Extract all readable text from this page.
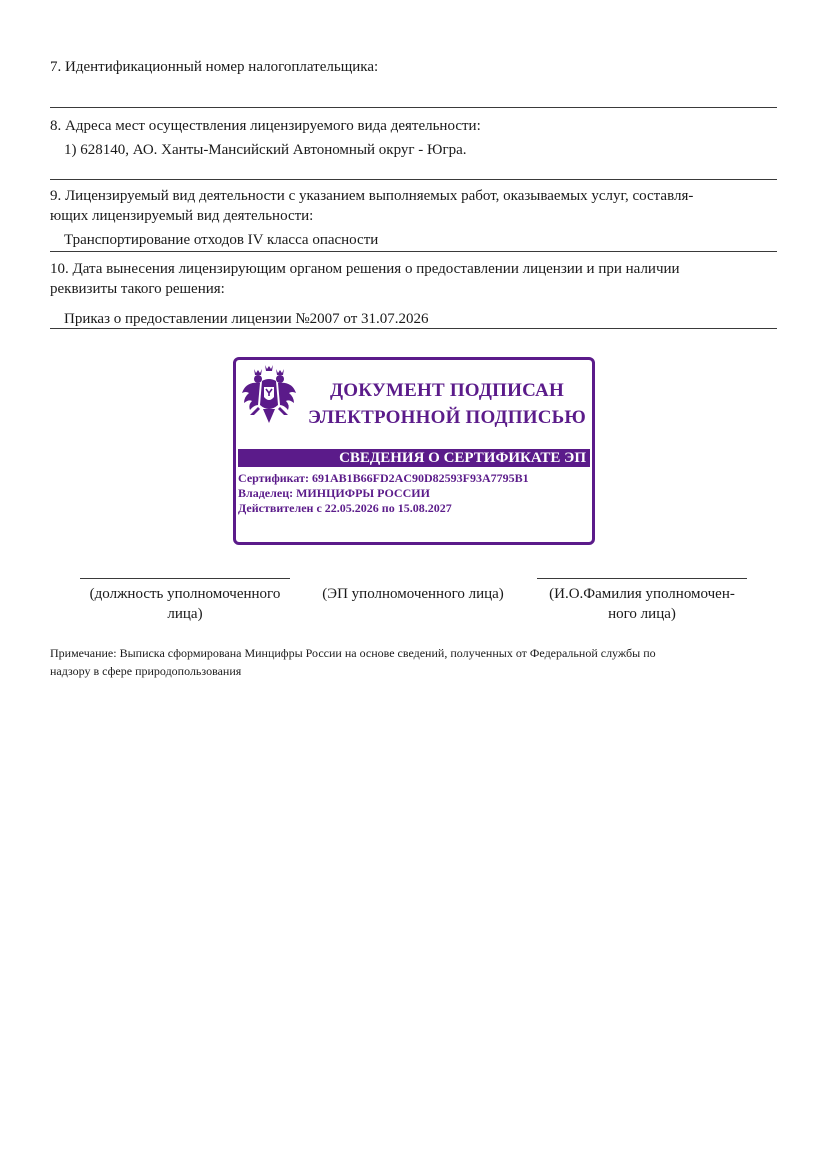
7. Идентификационный номер налогоплательщика:
8. Адреса мест осуществления лицензируемого вида деятельности:
1) 628140, АО. Ханты-Мансийский Автономный округ - Югра.
9. Лицензируемый вид деятельности с указанием выполняемых работ, оказываемых услуг, составля-
ющих лицензируемый вид деятельности:
Транспортирование отходов IV класса опасности
10. Дата вынесения лицензирующим органом решения о предоставлении лицензии и при наличии
реквизиты такого решения:
Приказ о предоставлении лицензии №2007 от 31.07.2026
ДОКУМЕНТ ПОДПИСАН
ЭЛЕКТРОННОЙ ПОДПИСЬЮ
СВЕДЕНИЯ О СЕРТИФИКАТЕ ЭП
Сертификат: 691AB1B66FD2AC90D82593F93A7795B1
Владелец: МИНЦИФРЫ РОССИИ
Действителен с 22.05.2026 по 15.08.2027
(должность уполномоченного
лица)
(ЭП уполномоченного лица)	(И.О.Фамилия уполномочен-
ного лица)
Примечание: Выписка сформирована Минцифры России на основе сведений, полученных от Федеральной службы по
надзору в сфере природопользования
